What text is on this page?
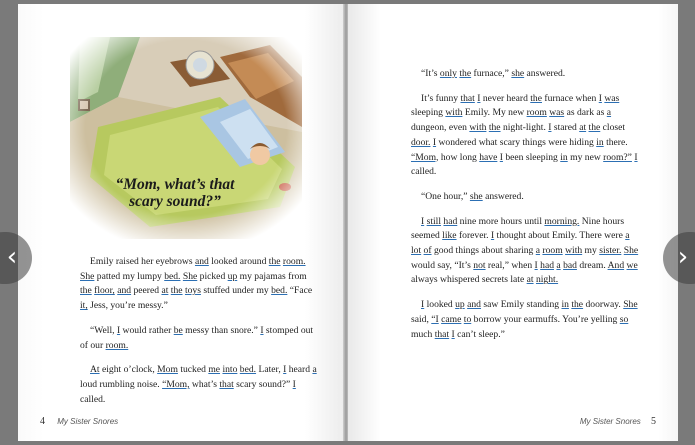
“Mom, what’s that
scary sound?”

Emily raised her eyebrows and looked around the room. She patted my lumpy bed. She picked up my pajamas from the floor, and peered at the toys stuffed under my bed. “Face it, Jess, you’re messy.”

“Well, I would rather be messy than snore.” I stomped out of our room.

At eight o’clock, Mom tucked me into bed. Later, I heard a loud rumbling noise. “Mom, what’s that scary sound?” I called.

4 My Sister Snores

“It’s only the furnace,” she answered.

It’s funny that I never heard the furnace when I was sleeping with Emily. My new room was as dark as a dungeon, even with the night-light. I stared at the closet door. I wondered what scary things were hiding in there. “Mom, how long have I been sleeping in my new room?” I called.

“One hour,” she answered.

I still had nine more hours until morning. Nine hours seemed like forever. I thought about Emily. There were a lot of good things about sharing a room with my sister. She would say, “It’s not real,” when I had a bad dream. And we always whispered secrets late at night.

I looked up and saw Emily standing in the doorway. She said, “I came to borrow your earmuffs. You’re yelling so much that I can’t sleep.”

My Sister Snores 5
‹	›
